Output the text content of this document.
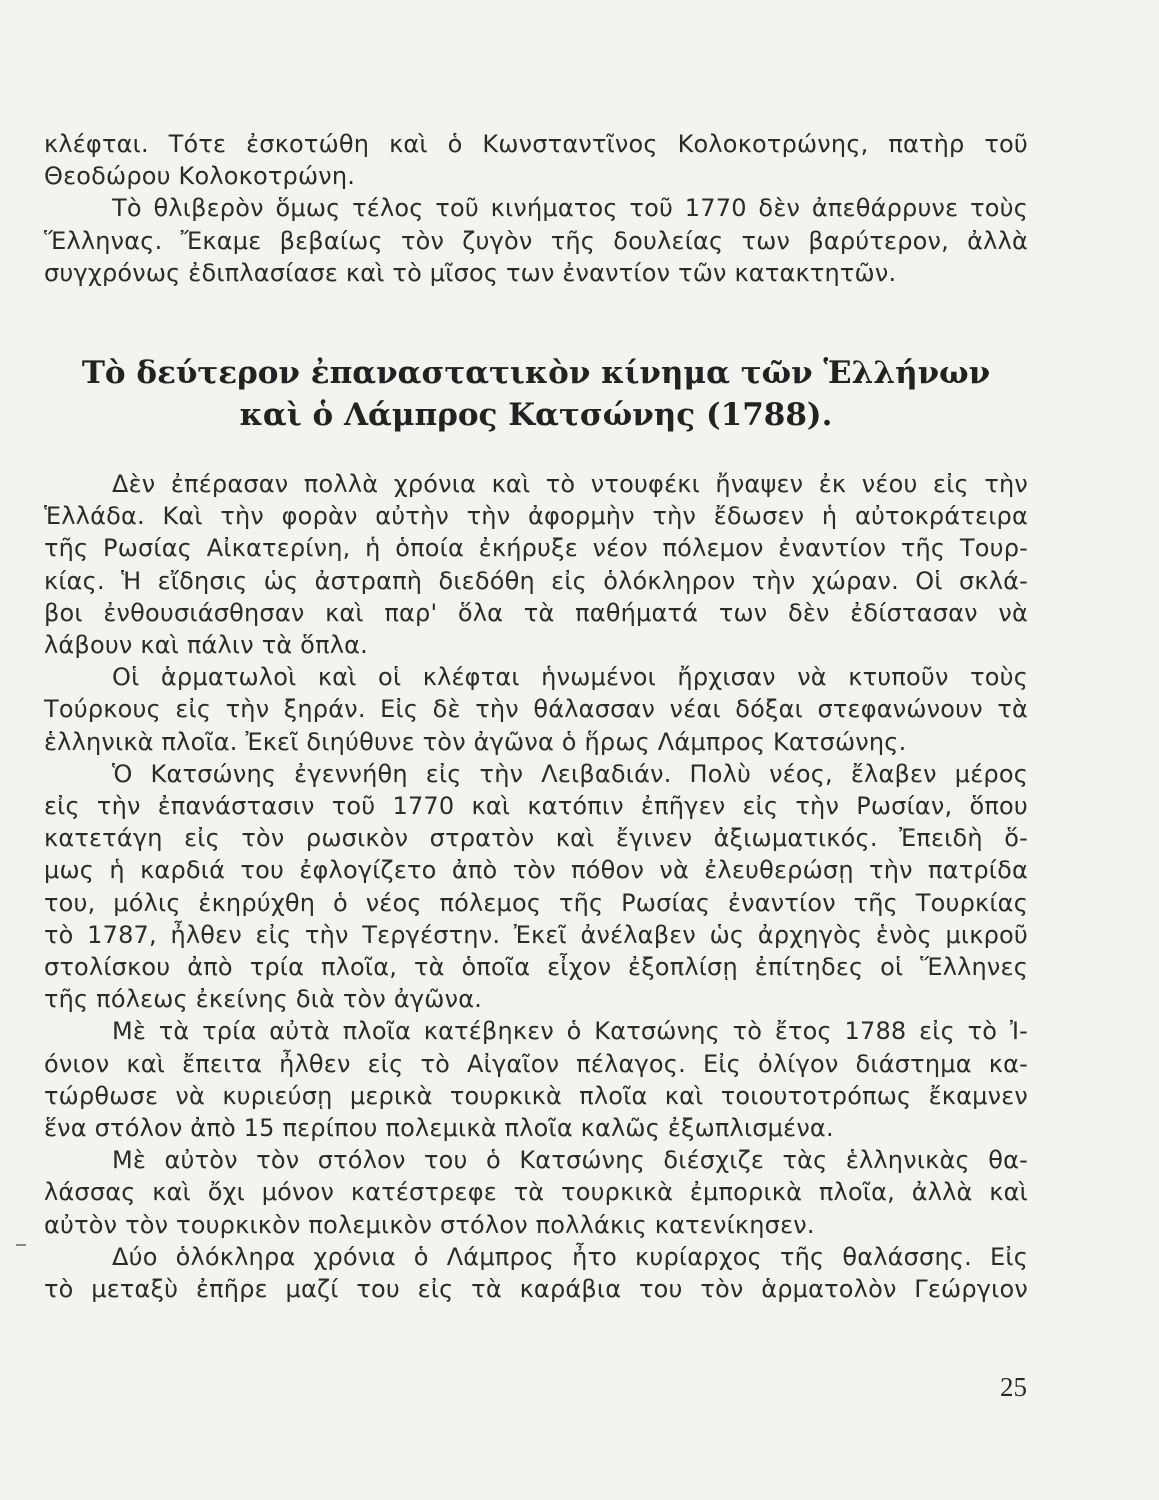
κλέφται. Τότε ἐσκοτώθη καὶ ὁ Κωνσταντῖνος Κολοκοτρώνης, πατὴρ τοῦ
Θεοδώρου Κολοκοτρώνη.
Τὸ θλιβερὸν ὅμως τέλος τοῦ κινήματος τοῦ 1770 δὲν ἀπεθάρρυνε τοὺς
Ἕλληνας. Ἔκαμε βεβαίως τὸν ζυγὸν τῆς δουλείας των βαρύτερον, ἀλλὰ
συγχρόνως ἐδιπλασίασε καὶ τὸ μῖσος των ἐναντίον τῶν κατακτητῶν.
Τὸ δεύτερον ἐπαναστατικὸν κίνημα τῶν Ἑλλήνων
καὶ ὁ Λάμπρος Κατσώνης (1788).
Δὲν ἐπέρασαν πολλὰ χρόνια καὶ τὸ ντουφέκι ἤναψεν ἐκ νέου εἰς τὴν
Ἑλλάδα. Καὶ τὴν φορὰν αὐτὴν τὴν ἀφορμὴν τὴν ἔδωσεν ἡ αὐτοκράτειρα
τῆς Ρωσίας Αἰκατερίνη, ἡ ὁποία ἐκήρυξε νέον πόλεμον ἐναντίον τῆς Τουρ-
κίας. Ἡ εἴδησις ὡς ἀστραπὴ διεδόθη εἰς ὁλόκληρον τὴν χώραν. Οἱ σκλά-
βοι ἐνθουσιάσθησαν καὶ παρ' ὅλα τὰ παθήματά των δὲν ἐδίστασαν νὰ
λάβουν καὶ πάλιν τὰ ὅπλα.
Οἱ ἁρματωλοὶ καὶ οἱ κλέφται ἡνωμένοι ἤρχισαν νὰ κτυποῦν τοὺς
Τούρκους εἰς τὴν ξηράν. Εἰς δὲ τὴν θάλασσαν νέαι δόξαι στεφανώνουν τὰ
ἑλληνικὰ πλοῖα. Ἐκεῖ διηύθυνε τὸν ἀγῶνα ὁ ἥρως Λάμπρος Κατσώνης.
Ὁ Κατσώνης ἐγεννήθη εἰς τὴν Λειβαδιάν. Πολὺ νέος, ἔλαβεν μέρος
εἰς τὴν ἐπανάστασιν τοῦ 1770 καὶ κατόπιν ἐπῆγεν εἰς τὴν Ρωσίαν, ὅπου
κατετάγη εἰς τὸν ρωσικὸν στρατὸν καὶ ἔγινεν ἀξιωματικός. Ἐπειδὴ ὅ-
μως ἡ καρδιά του ἐφλογίζετο ἀπὸ τὸν πόθον νὰ ἐλευθερώσῃ τὴν πατρίδα
του, μόλις ἐκηρύχθη ὁ νέος πόλεμος τῆς Ρωσίας ἐναντίον τῆς Τουρκίας
τὸ 1787, ἦλθεν εἰς τὴν Τεργέστην. Ἐκεῖ ἀνέλαβεν ὡς ἀρχηγὸς ἑνὸς μικροῦ
στολίσκου ἀπὸ τρία πλοῖα, τὰ ὁποῖα εἶχον ἐξοπλίσῃ ἐπίτηδες οἱ Ἕλληνες
τῆς πόλεως ἐκείνης διὰ τὸν ἀγῶνα.
Μὲ τὰ τρία αὐτὰ πλοῖα κατέβηκεν ὁ Κατσώνης τὸ ἔτος 1788 εἰς τὸ Ἰ-
όνιον καὶ ἔπειτα ἦλθεν εἰς τὸ Αἰγαῖον πέλαγος. Εἰς ὀλίγον διάστημα κα-
τώρθωσε νὰ κυριεύσῃ μερικὰ τουρκικὰ πλοῖα καὶ τοιουτοτρόπως ἔκαμνεν
ἕνα στόλον ἀπὸ 15 περίπου πολεμικὰ πλοῖα καλῶς ἐξωπλισμένα.
Μὲ αὐτὸν τὸν στόλον του ὁ Κατσώνης διέσχιζε τὰς ἑλληνικὰς θα-
λάσσας καὶ ὄχι μόνον κατέστρεφε τὰ τουρκικὰ ἐμπορικὰ πλοῖα, ἀλλὰ καὶ
αὐτὸν τὸν τουρκικὸν πολεμικὸν στόλον πολλάκις κατενίκησεν.
Δύο ὁλόκληρα χρόνια ὁ Λάμπρος ἦτο κυρίαρχος τῆς θαλάσσης. Εἰς
τὸ μεταξὺ ἐπῆρε μαζί του εἰς τὰ καράβια του τὸν ἁρματολὸν Γεώργιον
25
